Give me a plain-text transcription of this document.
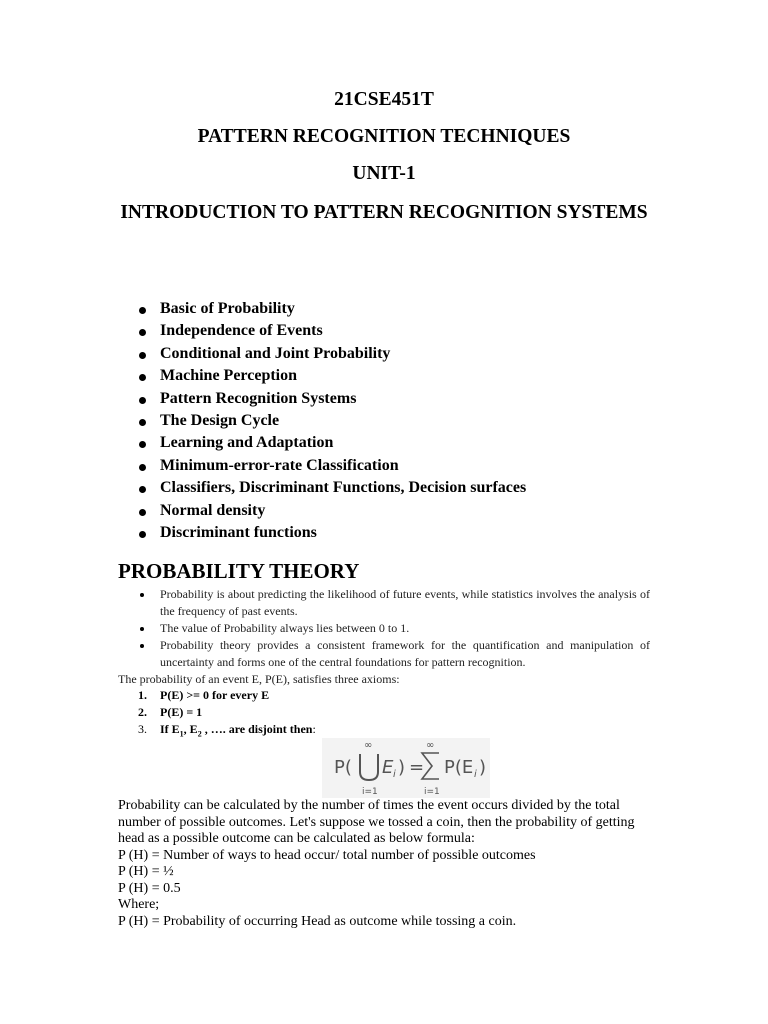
21CSE451T
PATTERN RECOGNITION TECHNIQUES
UNIT-1
INTRODUCTION TO PATTERN RECOGNITION SYSTEMS
Basic of Probability
Independence of Events
Conditional and Joint Probability
Machine Perception
Pattern Recognition Systems
The Design Cycle
Learning and Adaptation
Minimum-error-rate Classification
Classifiers, Discriminant Functions, Decision surfaces
Normal density
Discriminant functions
PROBABILITY THEORY
Probability is about predicting the likelihood of future events, while statistics involves the analysis of the frequency of past events.
The value of Probability always lies between 0 to 1.
Probability theory provides a consistent framework for the quantification and manipulation of uncertainty and forms one of the central foundations for pattern recognition.
The probability of an event E, P(E), satisfies three axioms:
1.	P(E) >= 0 for every E
2.	P(E) = 1
3.	If $E_1$, $E_2$ , …. are disjoint then:
P(
∞
i=1
E i ) =
∞
i=1
P(E i )
Probability can be calculated by the number of times the event occurs divided by the total
number of possible outcomes. Let's suppose we tossed a coin, then the probability of getting
head as a possible outcome can be calculated as below formula:
P (H) = Number of ways to head occur/ total number of possible outcomes
P (H) = ½
P (H) = 0.5
Where;
P (H) = Probability of occurring Head as outcome while tossing a coin.
